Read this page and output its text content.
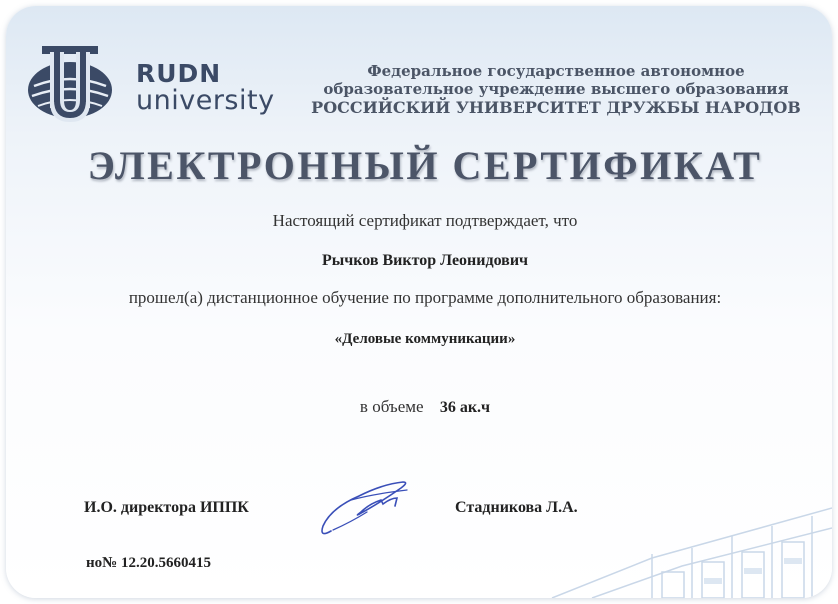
RUDN
university
Федеральное государственное автономное
образовательное учреждение высшего образования
РОССИЙСКИЙ УНИВЕРСИТЕТ ДРУЖБЫ НАРОДОВ
ЭЛЕКТРОННЫЙ СЕРТИФИКАТ
Настоящий сертификат подтверждает, что
Рычков Виктор Леонидович
прошел(а) дистанционное обучение по программе дополнительного образования:
«Деловые коммуникации»
в объеме 36 ак.ч
И.О. директора ИППК	Стадникова Л.А.
но№ 12.20.5660415
